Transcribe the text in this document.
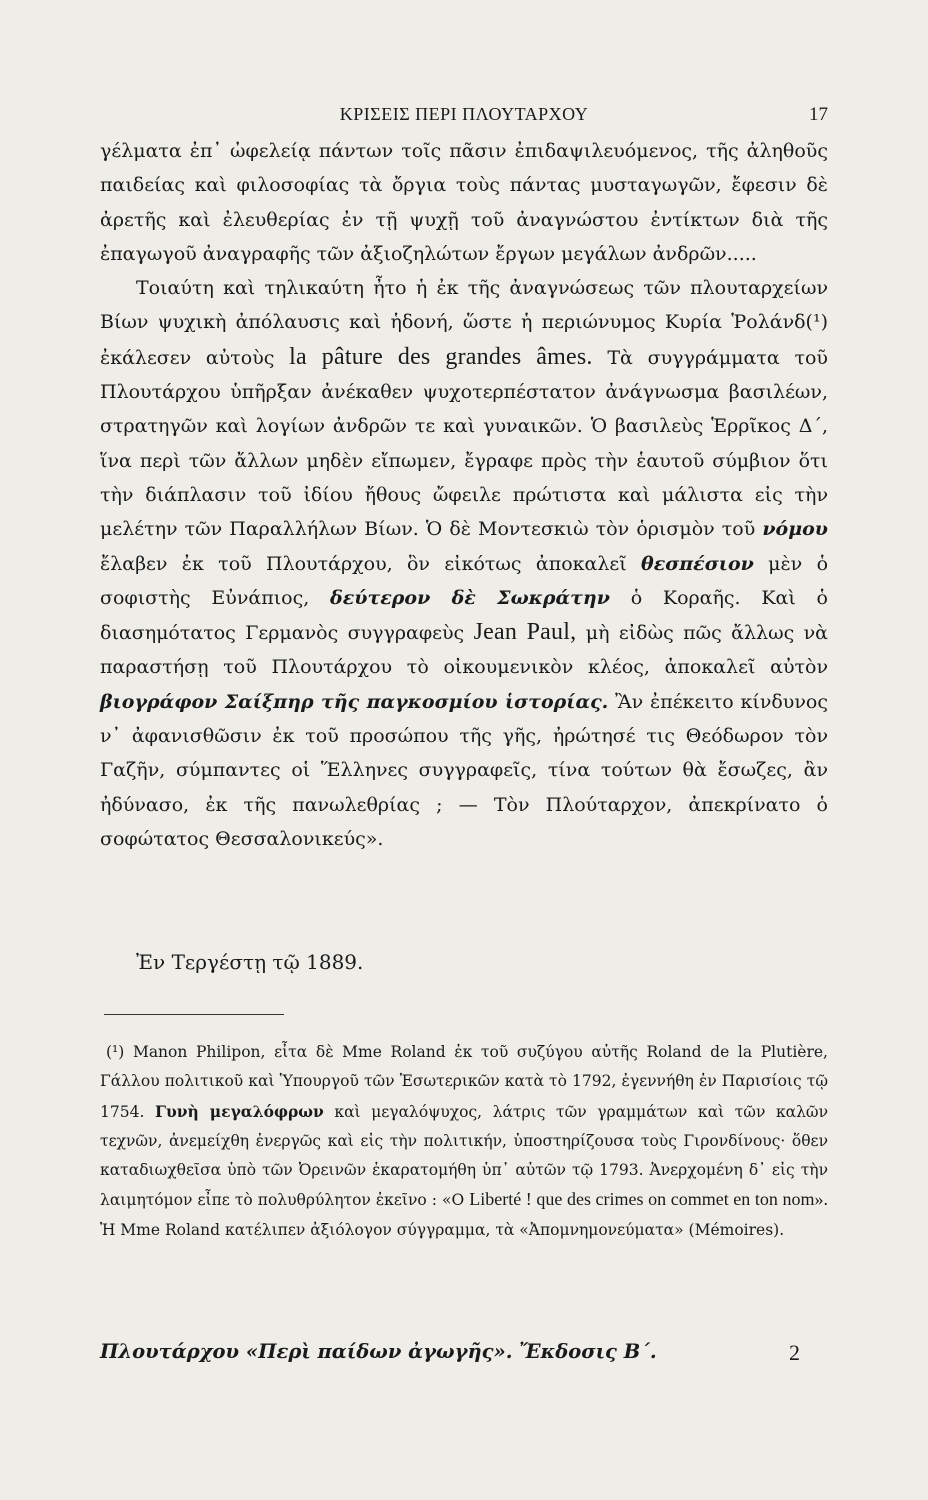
ΚΡΙΣΕΙΣ ΠΕΡΙ ΠΛΟΥΤΑΡΧΟΥ	17

γέλματα ἐπ᾽ ὠφελείᾳ πάντων τοῖς πᾶσιν ἐπιδαψιλευόμενος, τῆς ἀληθοῦς παιδείας καὶ φιλοσοφίας τὰ ὄργια τοὺς πάντας μυσταγωγῶν, ἔφεσιν δὲ ἀρετῆς καὶ ἐλευθερίας ἐν τῇ ψυχῇ τοῦ ἀναγνώστου ἐντίκτων διὰ τῆς ἐπαγωγοῦ ἀναγραφῆς τῶν ἀξιοζηλώτων ἔργων μεγάλων ἀνδρῶν.....

Τοιαύτη καὶ τηλικαύτη ἦτο ἡ ἐκ τῆς ἀναγνώσεως τῶν πλουταρχείων Βίων ψυχικὴ ἀπόλαυσις καὶ ἡδονή, ὥστε ἡ περιώνυμος Κυρία Ῥολάνδ(¹) ἐκάλεσεν αὐτοὺς la pâture des grandes âmes. Τὰ συγγράμματα τοῦ Πλουτάρχου ὑπῆρξαν ἀνέκαθεν ψυχοτερπέστατον ἀνάγνωσμα βασιλέων, στρατηγῶν καὶ λογίων ἀνδρῶν τε καὶ γυναικῶν. Ὁ βασιλεὺς Ἑρρῖκος Δ΄, ἵνα περὶ τῶν ἄλλων μηδὲν εἴπωμεν, ἔγραφε πρὸς τὴν ἑαυτοῦ σύμβιον ὅτι τὴν διάπλασιν τοῦ ἰδίου ἤθους ὤφειλε πρώτιστα καὶ μάλιστα εἰς τὴν μελέτην τῶν Παραλλήλων Βίων. Ὁ δὲ Μοντεσκιὼ τὸν ὁρισμὸν τοῦ νόμου ἔλαβεν ἐκ τοῦ Πλουτάρχου, ὃν εἰκότως ἀποκαλεῖ θεσπέσιον μὲν ὁ σοφιστὴς Εὐνάπιος, δεύτερον δὲ Σωκράτην ὁ Κοραῆς. Καὶ ὁ διασημότατος Γερμανὸς συγγραφεὺς Jean Paul, μὴ εἰδὼς πῶς ἄλλως νὰ παραστήσῃ τοῦ Πλουτάρχου τὸ οἰκουμενικὸν κλέος, ἀποκαλεῖ αὐτὸν βιογράφον Σαίξπηρ τῆς παγκοσμίου ἱστορίας. Ἂν ἐπέκειτο κίνδυνος ν᾽ ἀφανισθῶσιν ἐκ τοῦ προσώπου τῆς γῆς, ἠρώτησέ τις Θεόδωρον τὸν Γαζῆν, σύμπαντες οἱ Ἕλληνες συγγραφεῖς, τίνα τούτων θὰ ἔσωζες, ἂν ἠδύνασο, ἐκ τῆς πανωλεθρίας ; — Τὸν Πλούταρχον, ἀπεκρίνατο ὁ σοφώτατος Θεσσαλονικεύς».

Ἐν Τεργέστῃ τῷ 1889.

(¹) Manon Philipon, εἶτα δὲ Mme Roland ἐκ τοῦ συζύγου αὐτῆς Roland de la Plutière, Γάλλου πολιτικοῦ καὶ Ὑπουργοῦ τῶν Ἐσωτερικῶν κατὰ τὸ 1792, ἐγεννήθη ἐν Παρισίοις τῷ 1754. Γυνὴ μεγαλόφρων καὶ μεγαλόψυχος, λάτρις τῶν γραμμάτων καὶ τῶν καλῶν τεχνῶν, ἀνεμείχθη ἐνεργῶς καὶ εἰς τὴν πολιτικήν, ὑποστηρίζουσα τοὺς Γιρονδίνους· ὅθεν καταδιωχθεῖσα ὑπὸ τῶν Ὀρεινῶν ἐκαρατομήθη ὑπ᾽ αὐτῶν τῷ 1793. Ἀνερχομένη δ᾽ εἰς τὴν λαιμητόμον εἶπε τὸ πολυθρύλητον ἐκεῖνο : «O Liberté ! que des crimes on commet en ton nom». Ἡ Mme Roland κατέλιπεν ἀξιόλογον σύγγραμμα, τὰ «Ἀπομνημονεύματα» (Mémoires).

Πλουτάρχου «Περὶ παίδων ἀγωγῆς». Ἔκδοσις Β΄.	2
